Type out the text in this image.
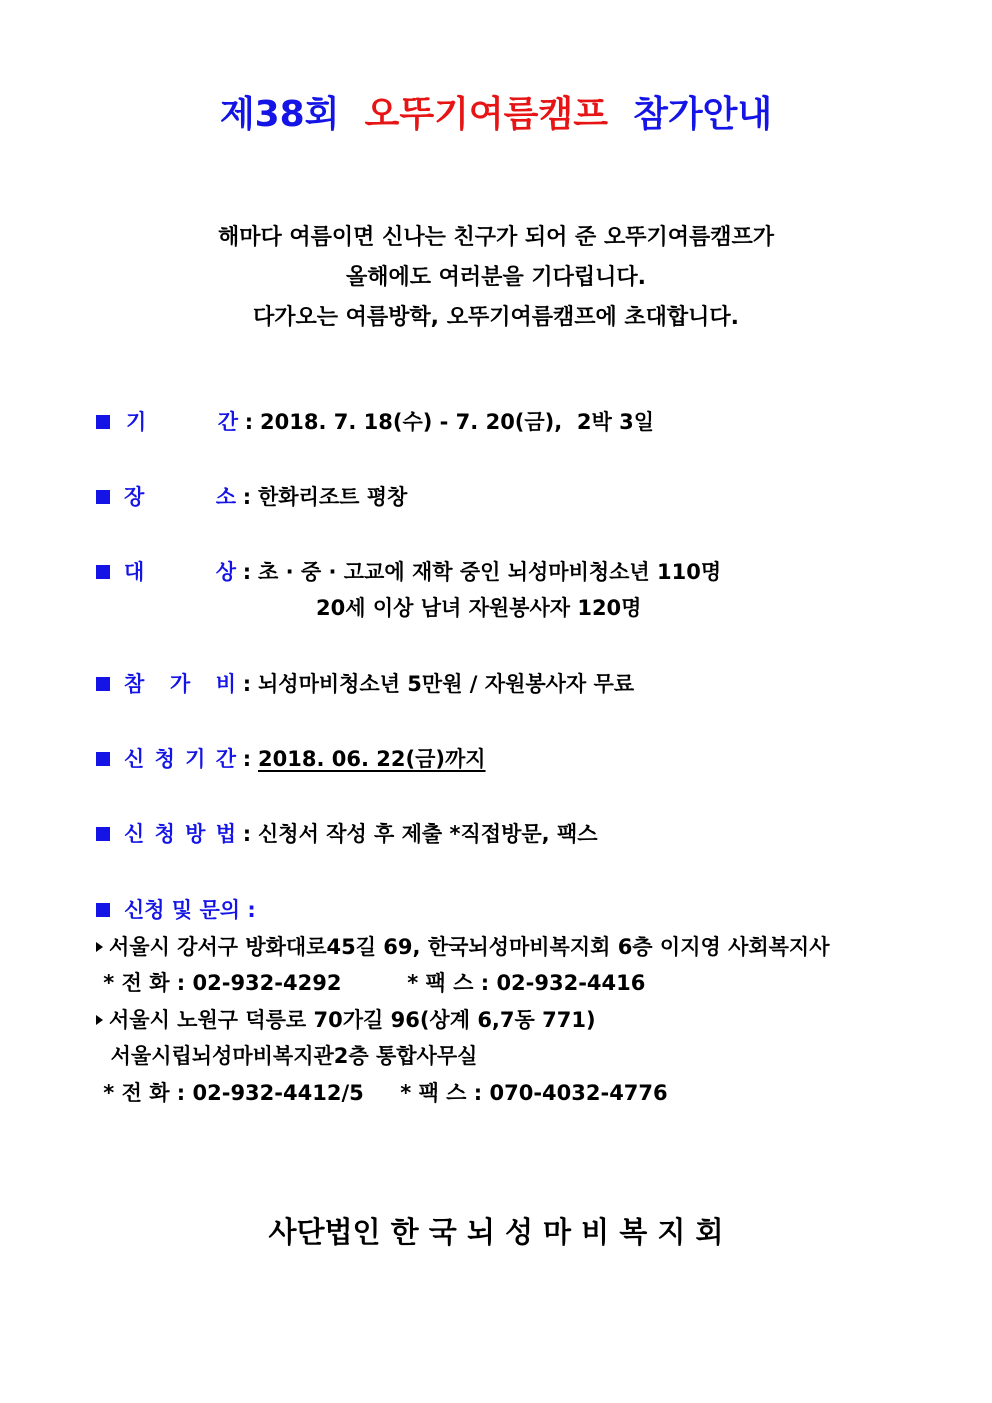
제38회 오뚜기여름캠프 참가안내
해마다 여름이면 신나는 친구가 되어 준 오뚜기여름캠프가
올해에도 여러분을 기다립니다.
다가오는 여름방학, 오뚜기여름캠프에 초대합니다.
기	간 : 2018. 7. 18(수) - 7. 20(금),  2박 3일
장	소 : 한화리조트 평창
대	상 : 초 · 중 · 고교에 재학 중인 뇌성마비청소년 110명
20세 이상 남녀 자원봉사자 120명
참 가 비 : 뇌성마비청소년 5만원 / 자원봉사자 무료
신 청 기 간 : 2018. 06. 22(금)까지
신 청 방 법 : 신청서 작성 후 제출 *직접방문, 팩스
신청 및 문의 :
서울시 강서구 방화대로45길 69, 한국뇌성마비복지회 6층 이지영 사회복지사
* 전 화 : 02-932-4292         * 팩 스 : 02-932-4416
서울시 노원구 덕릉로 70가길 96(상계 6,7동 771)
서울시립뇌성마비복지관2층 통합사무실
* 전 화 : 02-932-4412/5     * 팩 스 : 070-4032-4776
사단법인 한 국 뇌 성 마 비 복 지 회
